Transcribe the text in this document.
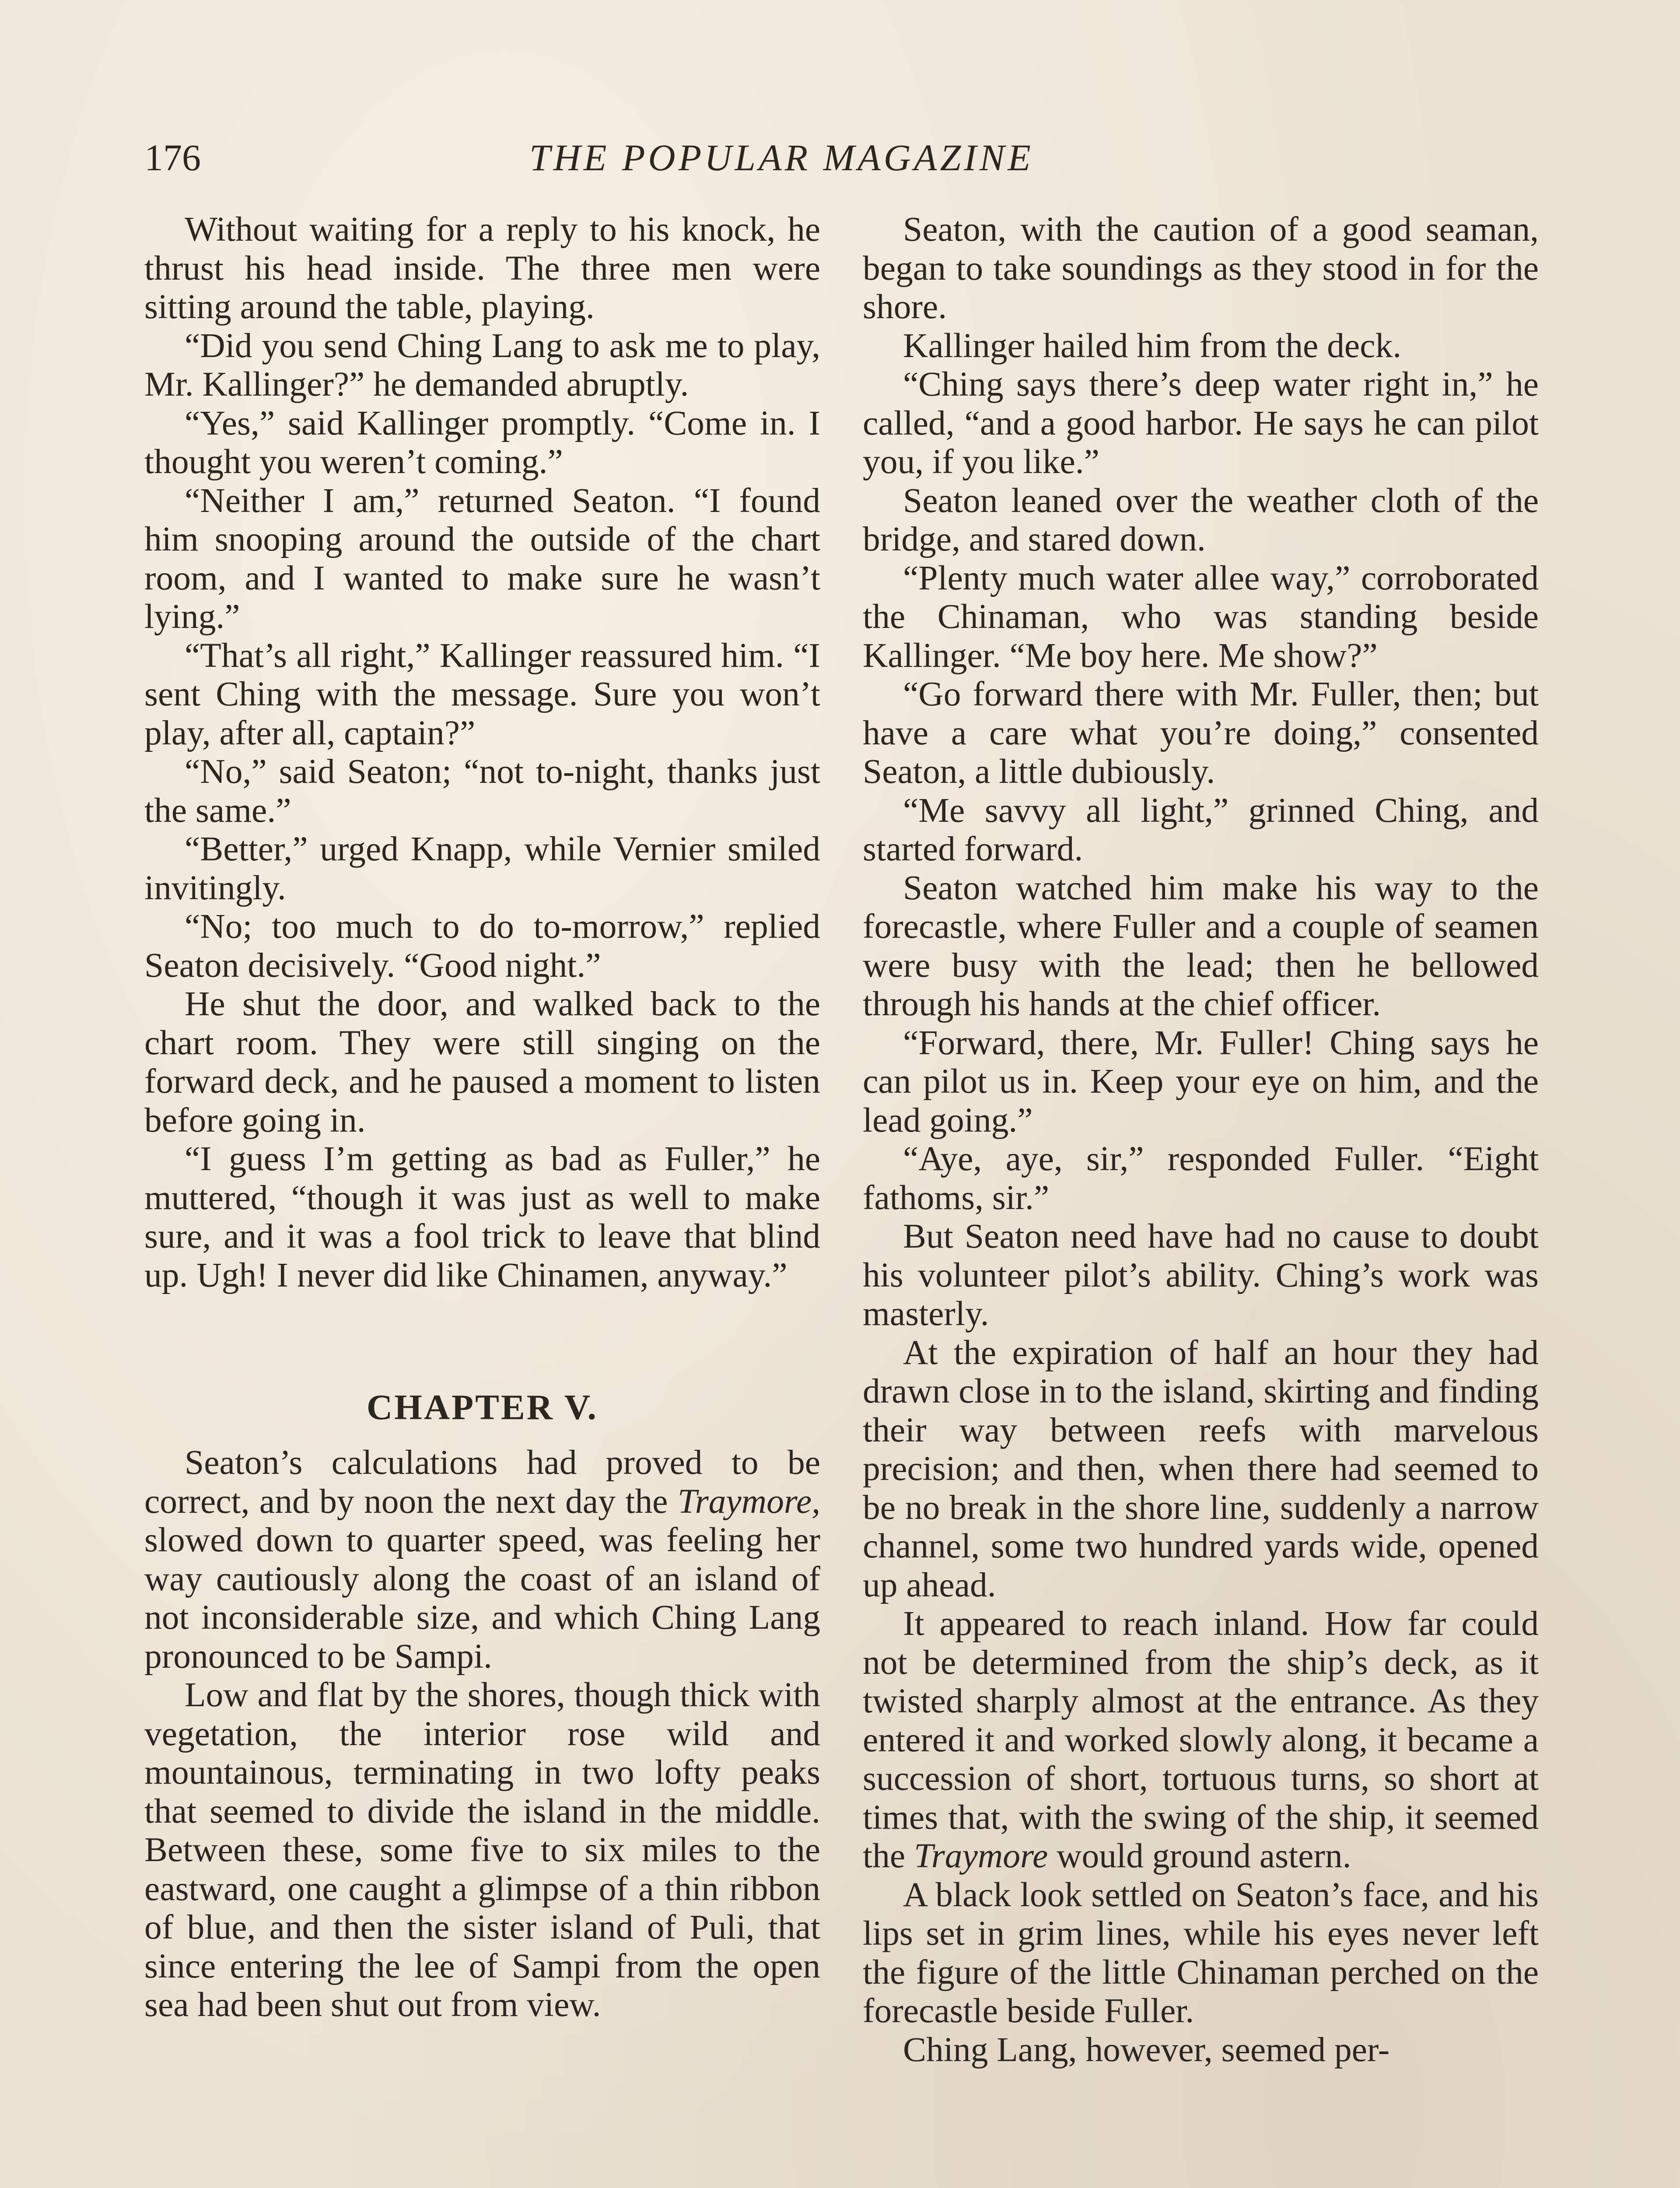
176	THE POPULAR MAGAZINE

Without waiting for a reply to his knock, he thrust his head inside. The three men were sitting around the table, playing.

“Did you send Ching Lang to ask me to play, Mr. Kallinger?” he demanded abruptly.

“Yes,” said Kallinger promptly. “Come in. I thought you weren’t coming.”

“Neither I am,” returned Seaton. “I found him snooping around the outside of the chart room, and I wanted to make sure he wasn’t lying.”

“That’s all right,” Kallinger reassured him. “I sent Ching with the message. Sure you won’t play, after all, captain?”

“No,” said Seaton; “not to-night, thanks just the same.”

“Better,” urged Knapp, while Vernier smiled invitingly.

“No; too much to do to-morrow,” replied Seaton decisively. “Good night.”

He shut the door, and walked back to the chart room. They were still singing on the forward deck, and he paused a moment to listen before going in.

“I guess I’m getting as bad as Fuller,” he muttered, “though it was just as well to make sure, and it was a fool trick to leave that blind up. Ugh! I never did like Chinamen, anyway.”

CHAPTER V.

Seaton’s calculations had proved to be correct, and by noon the next day the Traymore, slowed down to quarter speed, was feeling her way cautiously along the coast of an island of not inconsiderable size, and which Ching Lang pronounced to be Sampi.

Low and flat by the shores, though thick with vegetation, the interior rose wild and mountainous, terminating in two lofty peaks that seemed to divide the island in the middle. Between these, some five to six miles to the eastward, one caught a glimpse of a thin ribbon of blue, and then the sister island of Puli, that since entering the lee of Sampi from the open sea had been shut out from view.

Seaton, with the caution of a good seaman, began to take soundings as they stood in for the shore.

Kallinger hailed him from the deck.

“Ching says there’s deep water right in,” he called, “and a good harbor. He says he can pilot you, if you like.”

Seaton leaned over the weather cloth of the bridge, and stared down.

“Plenty much water allee way,” corroborated the Chinaman, who was standing beside Kallinger. “Me boy here. Me show?”

“Go forward there with Mr. Fuller, then; but have a care what you’re doing,” consented Seaton, a little dubiously.

“Me savvy all light,” grinned Ching, and started forward.

Seaton watched him make his way to the forecastle, where Fuller and a couple of seamen were busy with the lead; then he bellowed through his hands at the chief officer.

“Forward, there, Mr. Fuller! Ching says he can pilot us in. Keep your eye on him, and the lead going.”

“Aye, aye, sir,” responded Fuller. “Eight fathoms, sir.”

But Seaton need have had no cause to doubt his volunteer pilot’s ability. Ching’s work was masterly.

At the expiration of half an hour they had drawn close in to the island, skirting and finding their way between reefs with marvelous precision; and then, when there had seemed to be no break in the shore line, suddenly a narrow channel, some two hundred yards wide, opened up ahead.

It appeared to reach inland. How far could not be determined from the ship’s deck, as it twisted sharply almost at the entrance. As they entered it and worked slowly along, it became a succession of short, tortuous turns, so short at times that, with the swing of the ship, it seemed the Traymore would ground astern.

A black look settled on Seaton’s face, and his lips set in grim lines, while his eyes never left the figure of the little Chinaman perched on the forecastle beside Fuller.

Ching Lang, however, seemed per-
